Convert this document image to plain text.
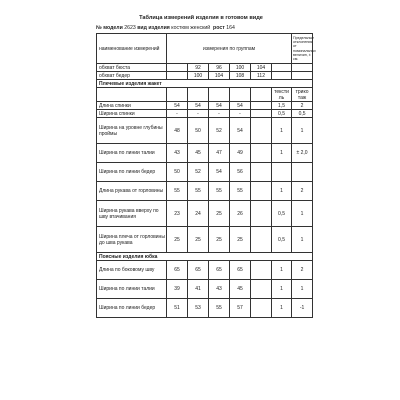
Таблица измерений изделия в готовом виде
№ модели 2623 вид изделия костюм женский рост 164
наименование измерений	измерения по группам						Предельные отклонения от номинальных величин, ± см.
обхват бюста		92	96	100	104		
обхват бедер		100	104	108	112		
Плечевые изделия жакет							
						тексти ль	трико таж
Длина спинки	54	54	54	54		1,5	2
Ширина спинки	-	-	-	-		0,5	0,5
Ширина на уровне глубины проймы	48	50	52	54		1	1
Ширина по линии талии	43	45	47	49		1	± 2,0
Ширина по линии бедер	50	52	54	56			
Длина рукава от горловины	55	55	55	55		1	2
Ширина рукава вверху по шву втачивания	23	24	25	26		0,5	1
Ширина плеча от горловины до шва рукава	25	25	25	25		0,5	1
Поясные изделия юбка							
Длина по боковому шву	65	65	65	65		1	2
Ширина по линии талии	39	41	43	45		1	1
Ширина по линии бедер	51	53	55	57		1	-1
